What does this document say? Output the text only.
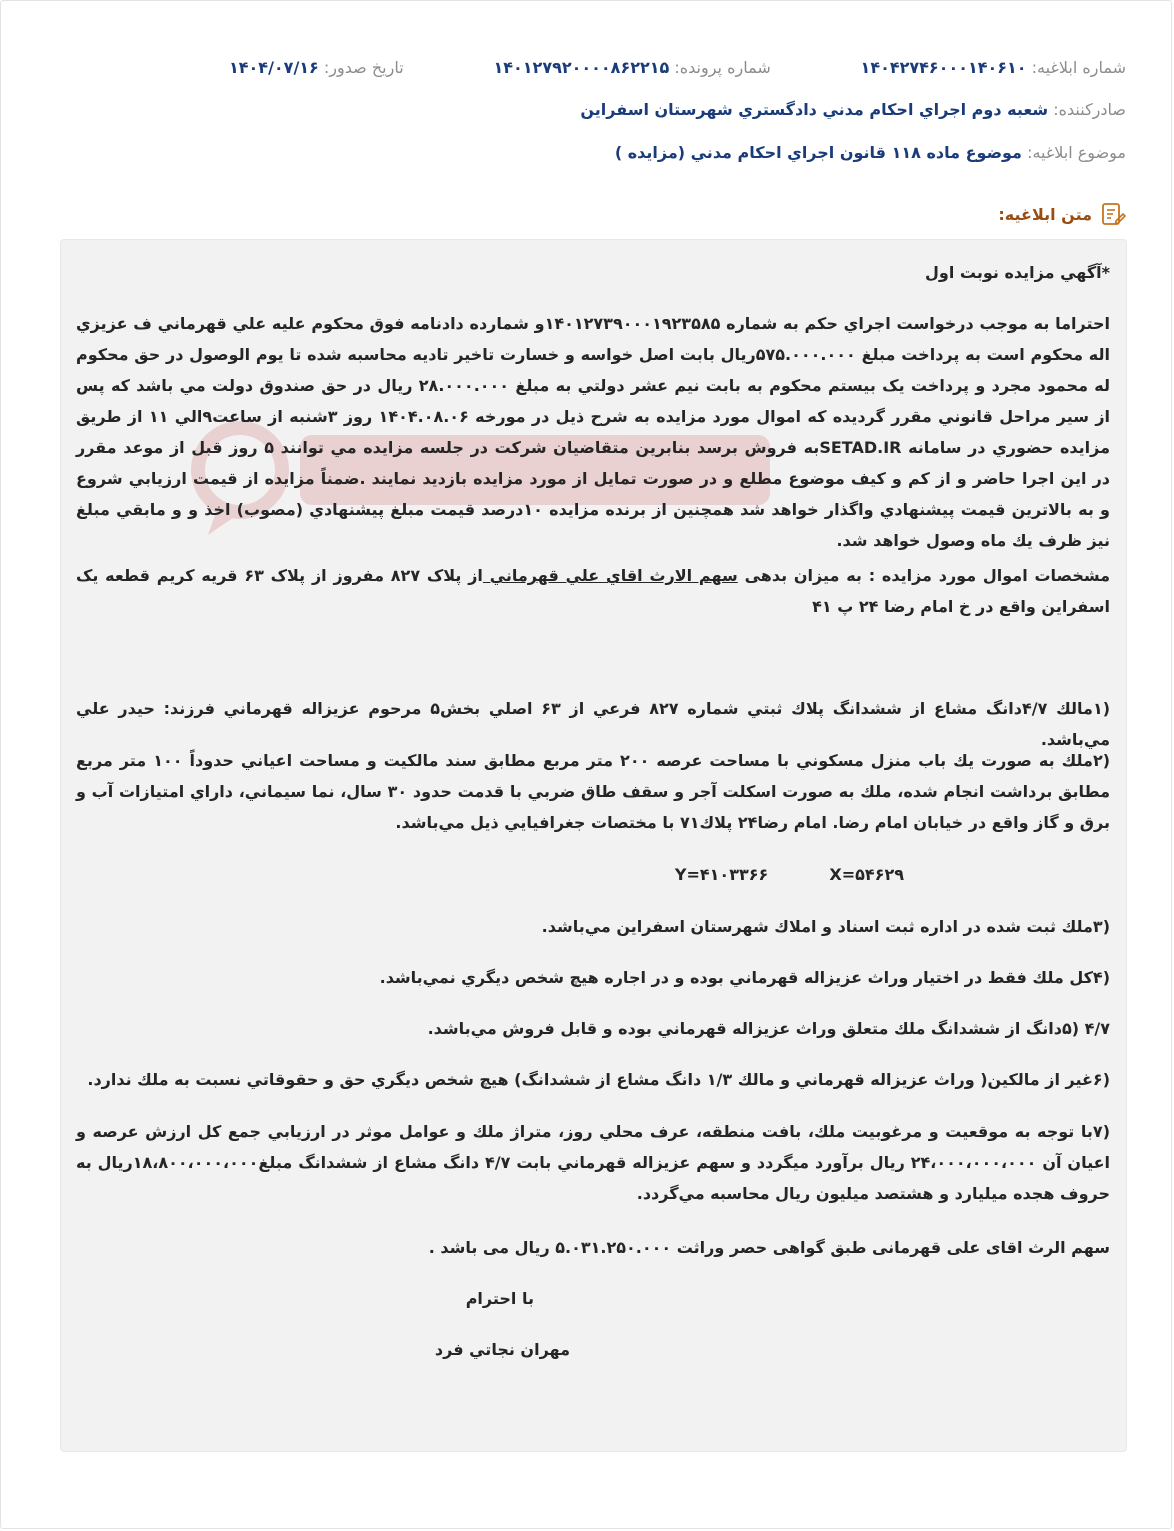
شماره ابلاغيه: ۱۴۰۴۲۷۴۶۰۰۰۱۴۰۶۱۰
شماره پرونده: ۱۴۰۱۲۷۹۲۰۰۰۰۸۶۲۲۱۵
تاريخ صدور: ۱۴۰۴/۰۷/۱۶
صادرکننده: شعبه دوم اجراي احکام مدني دادگستري شهرستان اسفراين
موضوع ابلاغيه: موضوع ماده ۱۱۸ قانون اجراي احکام مدني (مزايده )
متن ابلاغيه:
*آگهي مزايده نوبت اول
احتراما به موجب درخواست اجراي حکم به شماره ۱۴۰۱۲۷۳۹۰۰۰۱۹۲۳۵۸۵و شمارده دادنامه فوق محکوم عليه علي قهرماني ف عزيزي اله محکوم است به پرداخت مبلغ ۵۷۵.۰۰۰.۰۰۰ريال بابت اصل خواسه و خسارت تاخير تاديه محاسبه شده تا يوم الوصول در حق محکوم له محمود مجرد و پرداخت يک بيستم محکوم به بابت نيم عشر دولتي به مبلغ ۲۸.۰۰۰.۰۰۰ ريال در حق صندوق دولت مي باشد که پس از سير مراحل قانوني مقرر گرديده که اموال مورد مزايده به شرح ذيل در مورخه ۱۴۰۴.۰۸.۰۶ روز ۳شنبه از ساعت۹الي ۱۱ از طريق مزايده حضوري در سامانه SETAD.IRبه فروش برسد بنابرين متقاضيان شرکت در جلسه مزايده مي توانند ۵ روز قبل از موعد مقرر در اين اجرا حاضر و از کم و کيف موضوع مطلع و در صورت تمايل از مورد مزايده بازديد نمايند .ضمناً مزايده از قيمت ارزيابي شروع و به بالاترين قيمت پيشنهادي واگذار خواهد شد همچنين از برنده مزايده ۱۰درصد قيمت مبلغ پيشنهادي (مصوب) اخذ و و مابقي مبلغ نيز ظرف يك ماه وصول خواهد شد.
مشخصات اموال مورد مزايده : به ميزان بدهی سهم الارث اقاي علي قهرماني از پلاک ۸۲۷ مفروز از پلاک ۶۳ قریه کریم قطعه یک اسفراین واقع در خ امام رضا ۲۴ پ ۴۱
(۱مالك ۴/۷دانگ مشاع از ششدانگ پلاك ثبتي شماره ۸۲۷ فرعي از ۶۳ اصلي بخش۵ مرحوم عزيزاله قهرماني فرزند: حيدر علي مي‌باشد.
(۲ملك به صورت يك باب منزل مسكوني با مساحت عرصه ۲۰۰ متر مربع مطابق سند مالكيت و مساحت اعياني حدوداً ۱۰۰ متر مربع مطابق برداشت انجام شده، ملك به صورت اسكلت آجر و سقف طاق ضربي با قدمت حدود ۳۰ سال، نما سيماني، داراي امتيازات آب و برق و گاز واقع در خيابان امام رضا. امام رضا۲۴ پلاك۷۱ با مختصات جغرافيايي ذيل مي‌باشد.
Y=۴۱۰۳۳۶۶	X=۵۴۶۲۹
(۳ملك ثبت شده در اداره ثبت اسناد و املاك شهرستان اسفراين مي‌باشد.
(۴كل ملك فقط در اختيار وراث عزيزاله قهرماني بوده و در اجاره هيچ شخص ديگري نمي‌باشد.
۴/۷ (۵دانگ از ششدانگ ملك متعلق وراث عزيزاله قهرماني بوده و قابل فروش مي‌باشد.
(۶غير از مالكين( وراث عزيزاله قهرماني و مالك ۱/۳ دانگ مشاع از ششدانگ) هيچ شخص ديگري حق و حقوقاتي نسبت به ملك ندارد.
(۷با توجه به موقعيت و مرغوبيت ملك، بافت منطقه، عرف محلي روز، متراژ ملك و عوامل موثر در ارزيابي جمع كل ارزش عرصه و اعيان آن ۲۴،۰۰۰،۰۰۰،۰۰۰ ريال برآورد ميگردد و سهم عزيزاله قهرماني بابت ۴/۷ دانگ مشاع از ششدانگ مبلغ۱۸،۸۰۰،۰۰۰،۰۰۰ريال به حروف هجده ميليارد و هشتصد ميليون ريال محاسبه مي‌گردد.
سهم الرث اقای علی قهرمانی طبق گواهی حصر وراثت ۵.۰۳۱.۲۵۰.۰۰۰ ریال می باشد .
با احترام
مهران نجاتي فرد
